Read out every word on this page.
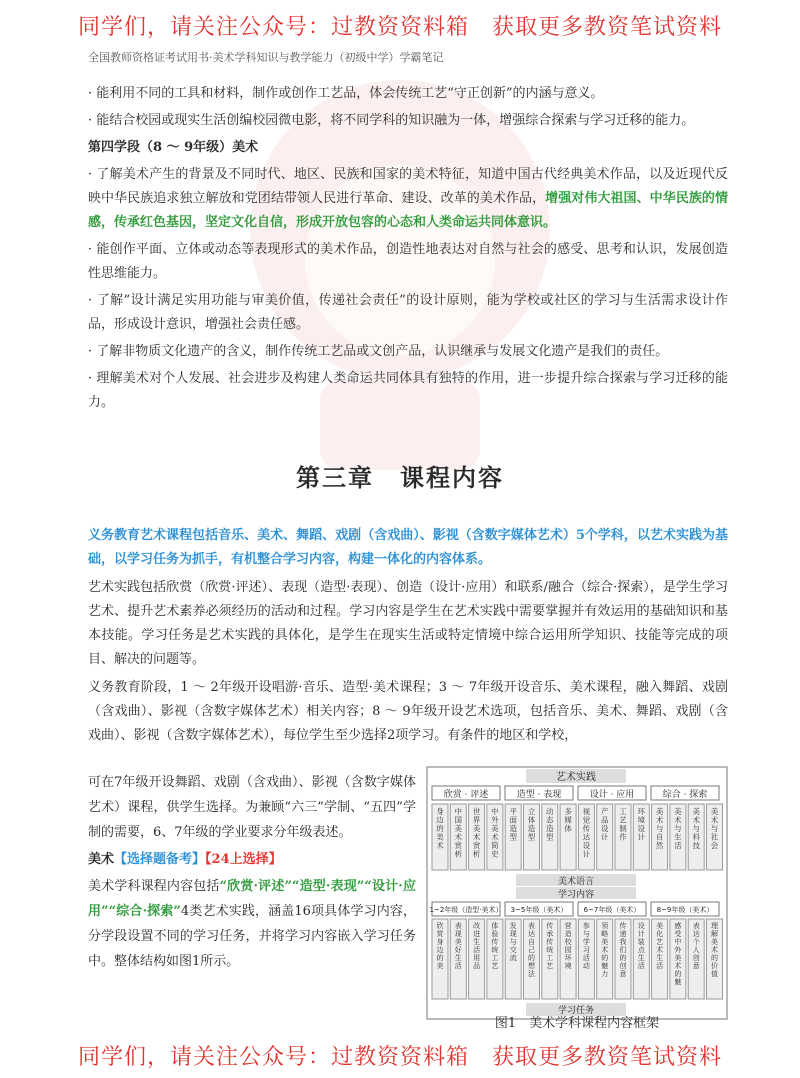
同学们，请关注公众号：过教资资料箱　获取更多教资笔试资料
全国教师资格证考试用书·美术学科知识与教学能力（初级中学）学霸笔记

· 能利用不同的工具和材料，制作或创作工艺品，体会传统工艺“守正创新”的内涵与意义。

· 能结合校园或现实生活创编校园微电影，将不同学科的知识融为一体，增强综合探索与学习迁移的能力。

第四学段（8 ～ 9年级）美术

· 了解美术产生的背景及不同时代、地区、民族和国家的美术特征，知道中国古代经典美术作品，以及近现代反映中华民族追求独立解放和党团结带领人民进行革命、建设、改革的美术作品，增强对伟大祖国、中华民族的情感，传承红色基因，坚定文化自信，形成开放包容的心态和人类命运共同体意识。

· 能创作平面、立体或动态等表现形式的美术作品，创造性地表达对自然与社会的感受、思考和认识，发展创造性思维能力。

· 了解“设计满足实用功能与审美价值，传递社会责任”的设计原则，能为学校或社区的学习与生活需求设计作品，形成设计意识，增强社会责任感。

· 了解非物质文化遗产的含义，制作传统工艺品或文创产品，认识继承与发展文化遗产是我们的责任。

· 理解美术对个人发展、社会进步及构建人类命运共同体具有独特的作用，进一步提升综合探索与学习迁移的能力。

第三章　课程内容

义务教育艺术课程包括音乐、美术、舞蹈、戏剧（含戏曲）、影视（含数字媒体艺术）5个学科，以艺术实践为基础，以学习任务为抓手，有机整合学习内容，构建一体化的内容体系。

艺术实践包括欣赏（欣赏·评述）、表现（造型·表现）、创造（设计·应用）和联系/融合（综合·探索），是学生学习艺术、提升艺术素养必须经历的活动和过程。学习内容是学生在艺术实践中需要掌握并有效运用的基础知识和基本技能。学习任务是艺术实践的具体化，是学生在现实生活或特定情境中综合运用所学知识、技能等完成的项目、解决的问题等。

义务教育阶段，1 ～ 2年级开设唱游·音乐、造型·美术课程；3 ～ 7年级开设音乐、美术课程，融入舞蹈、戏剧（含戏曲）、影视（含数字媒体艺术）相关内容；8 ～ 9年级开设艺术选项，包括音乐、美术、舞蹈、戏剧（含戏曲）、影视（含数字媒体艺术），每位学生至少选择2项学习。有条件的地区和学校，

可在7年级开设舞蹈、戏剧（含戏曲）、影视（含数字媒体艺术）课程，供学生选择。为兼顾“六三”学制、“五四”学制的需要，6、7年级的学业要求分年级表述。

美术【选择题备考】【24上选择】

美术学科课程内容包括“欣赏·评述”“造型·表现”“设计·应用”“综合·探索”4类艺术实践，涵盖16项具体学习内容，分学段设置不同的学习任务，并将学习内容嵌入学习任务中。整体结构如图1所示。

艺术实践
欣赏 · 评述	造型 · 表现	设计 · 应用	综合 · 探索
身边的美术
中国美术赏析
世界美术赏析
中外美术简史
平面造型
立体造型
动态造型
多媒体
视觉传达设计
产品设计
工艺制作
环境设计
美术与自然
美术与生活
美术与科技
美术与社会
美术语言
学习内容
1~2年级（造型·美术） 3~5年级（美术） 6~7年级（美术） 8~9年级（美术）
欣赏身边的美
表现美好生活
改进生活用品
体验传统工艺
发现与交流
表达自己的想法
传承传统工艺
营造校园环境
参与学习活动
领略美术的魅力
传递我们的创意
设计装点生活
美化艺术生活
感受中外美术的魅
表达个人创意
理解美术的价值
学习任务
图1　美术学科课程内容框架
同学们，请关注公众号：过教资资料箱　获取更多教资笔试资料
